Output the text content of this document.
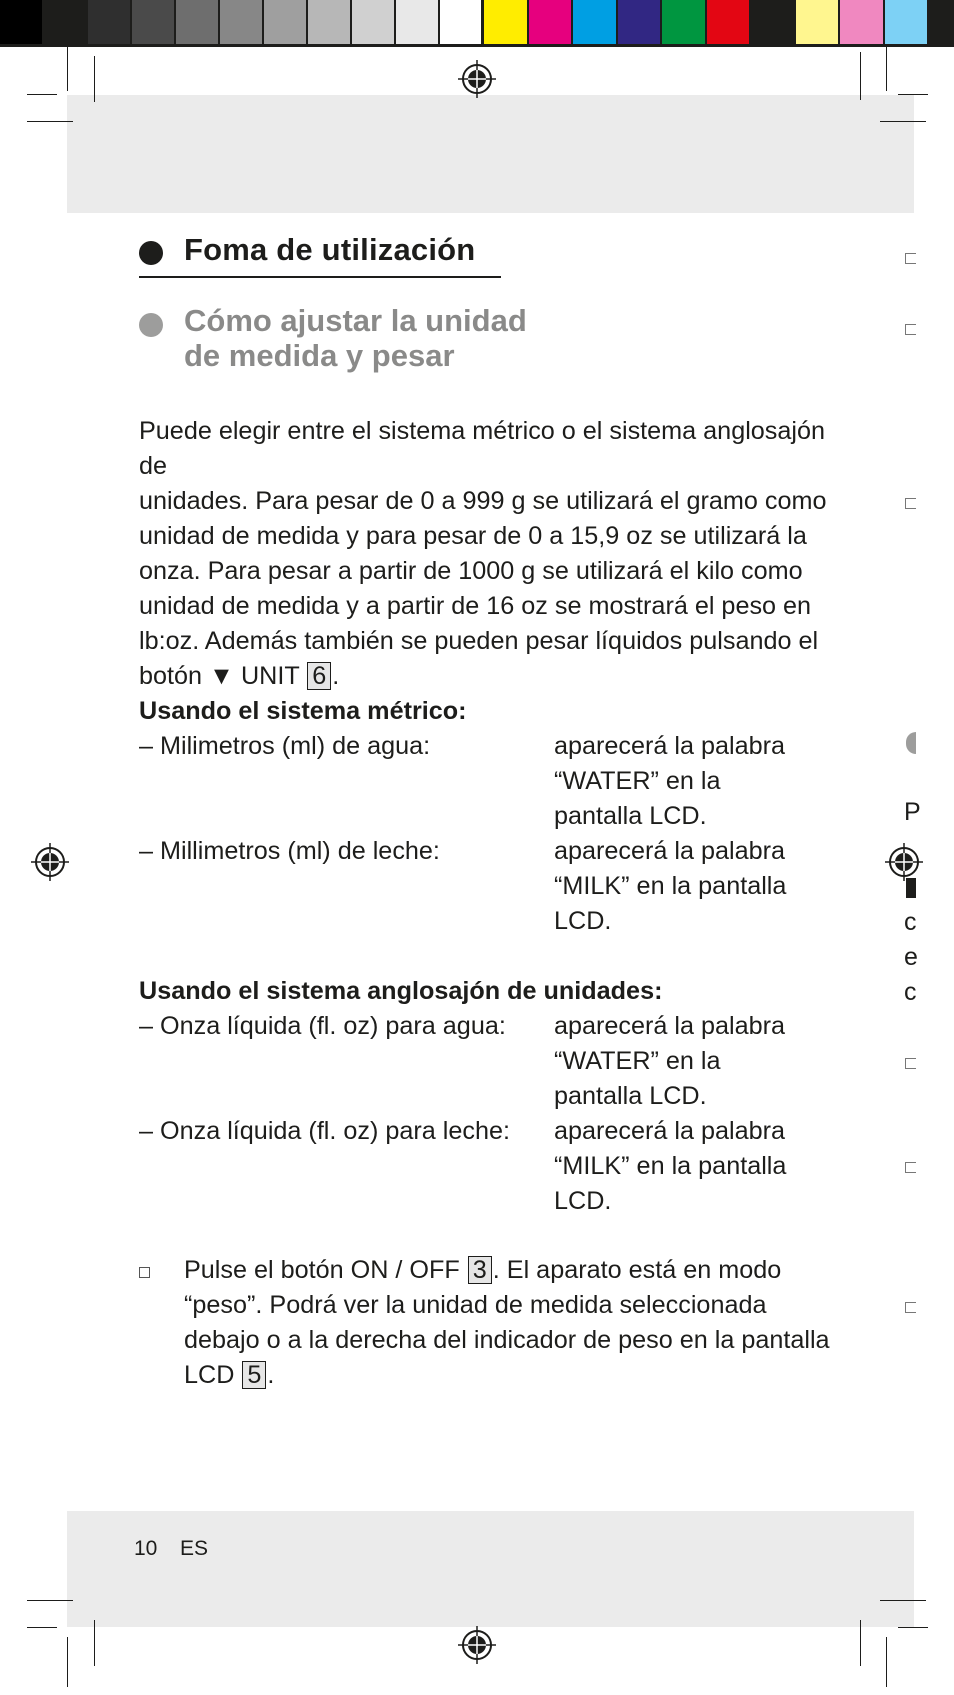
Foma de utilización
Cómo ajustar la unidad
de medida y pesar
Puede elegir entre el sistema métrico o el sistema anglosajón de
unidades. Para pesar de 0 a 999 g se utilizará el gramo como
unidad de medida y para pesar de 0 a 15,9 oz se utilizará la
onza. Para pesar a partir de 1000 g se utilizará el kilo como
unidad de medida y a partir de 16 oz se mostrará el peso en
lb:oz. Además también se pueden pesar líquidos pulsando el
botón ▼ UNIT 6 .
Usando el sistema métrico:
– Milimetros (ml) de agua:	aparecerá la palabra
“WATER” en la
pantalla LCD.
– Millimetros (ml) de leche:	aparecerá la palabra
“MILK” en la pantalla
LCD.
Usando el sistema anglosajón de unidades:
– Onza líquida (fl. oz) para agua:	aparecerá la palabra
“WATER” en la
pantalla LCD.
– Onza líquida (fl. oz) para leche:	aparecerá la palabra
“MILK” en la pantalla
LCD.
Pulse el botón ON / OFF 3 . El aparato está en modo
“peso”. Podrá ver la unidad de medida seleccionada
debajo o a la derecha del indicador de peso en la pantalla
LCD 5 .
10 ES
P
c
e
c
